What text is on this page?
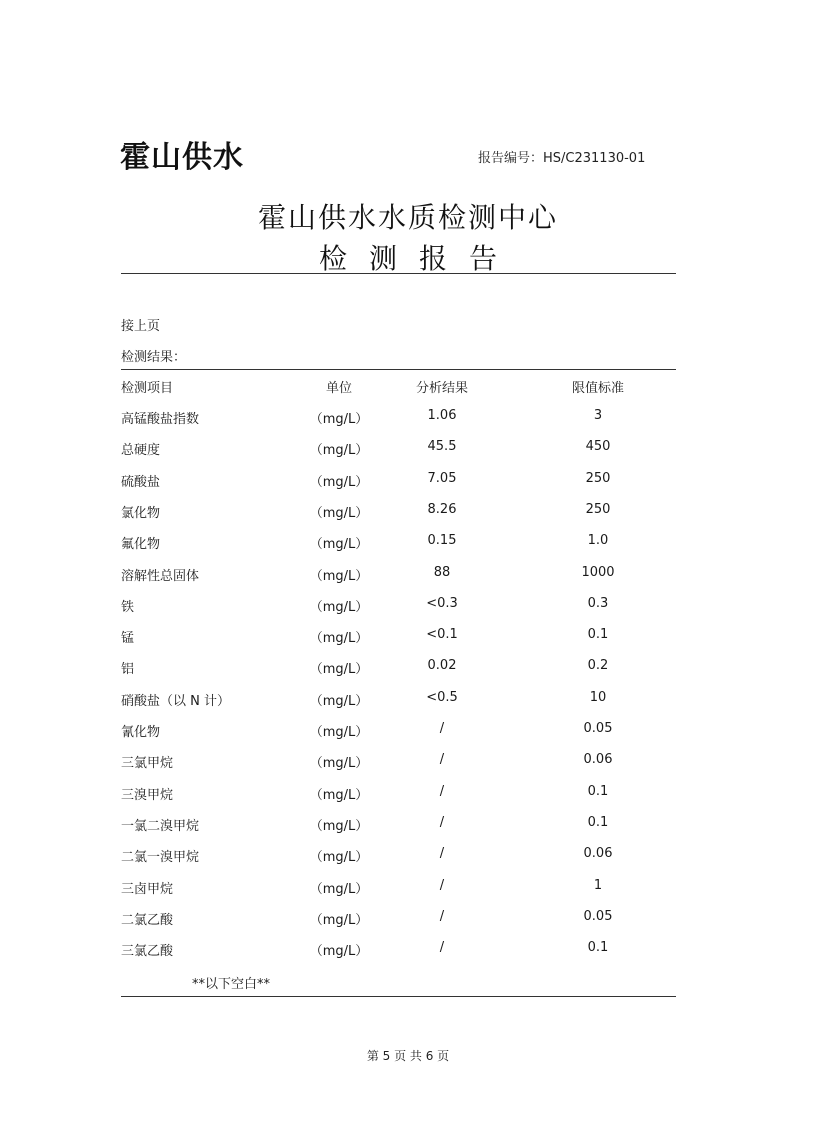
霍山供水	报告编号：HS/C231130-01
霍山供水水质检测中心
检测报告
接上页
检测结果：
检测项目	单位	分析结果	限值标准
高锰酸盐指数	（mg/L）	1.06	3
总硬度	（mg/L）	45.5	450
硫酸盐	（mg/L）	7.05	250
氯化物	（mg/L）	8.26	250
氟化物	（mg/L）	0.15	1.0
溶解性总固体	（mg/L）	88	1000
铁	（mg/L）	<0.3	0.3
锰	（mg/L）	<0.1	0.1
铝	（mg/L）	0.02	0.2
硝酸盐（以 N 计）	（mg/L）	<0.5	10
氰化物	（mg/L）	/	0.05
三氯甲烷	（mg/L）	/	0.06
三溴甲烷	（mg/L）	/	0.1
一氯二溴甲烷	（mg/L）	/	0.1
二氯一溴甲烷	（mg/L）	/	0.06
三卤甲烷	（mg/L）	/	1
二氯乙酸	（mg/L）	/	0.05
三氯乙酸	（mg/L）	/	0.1
**以下空白**
第 5 页 共 6 页
